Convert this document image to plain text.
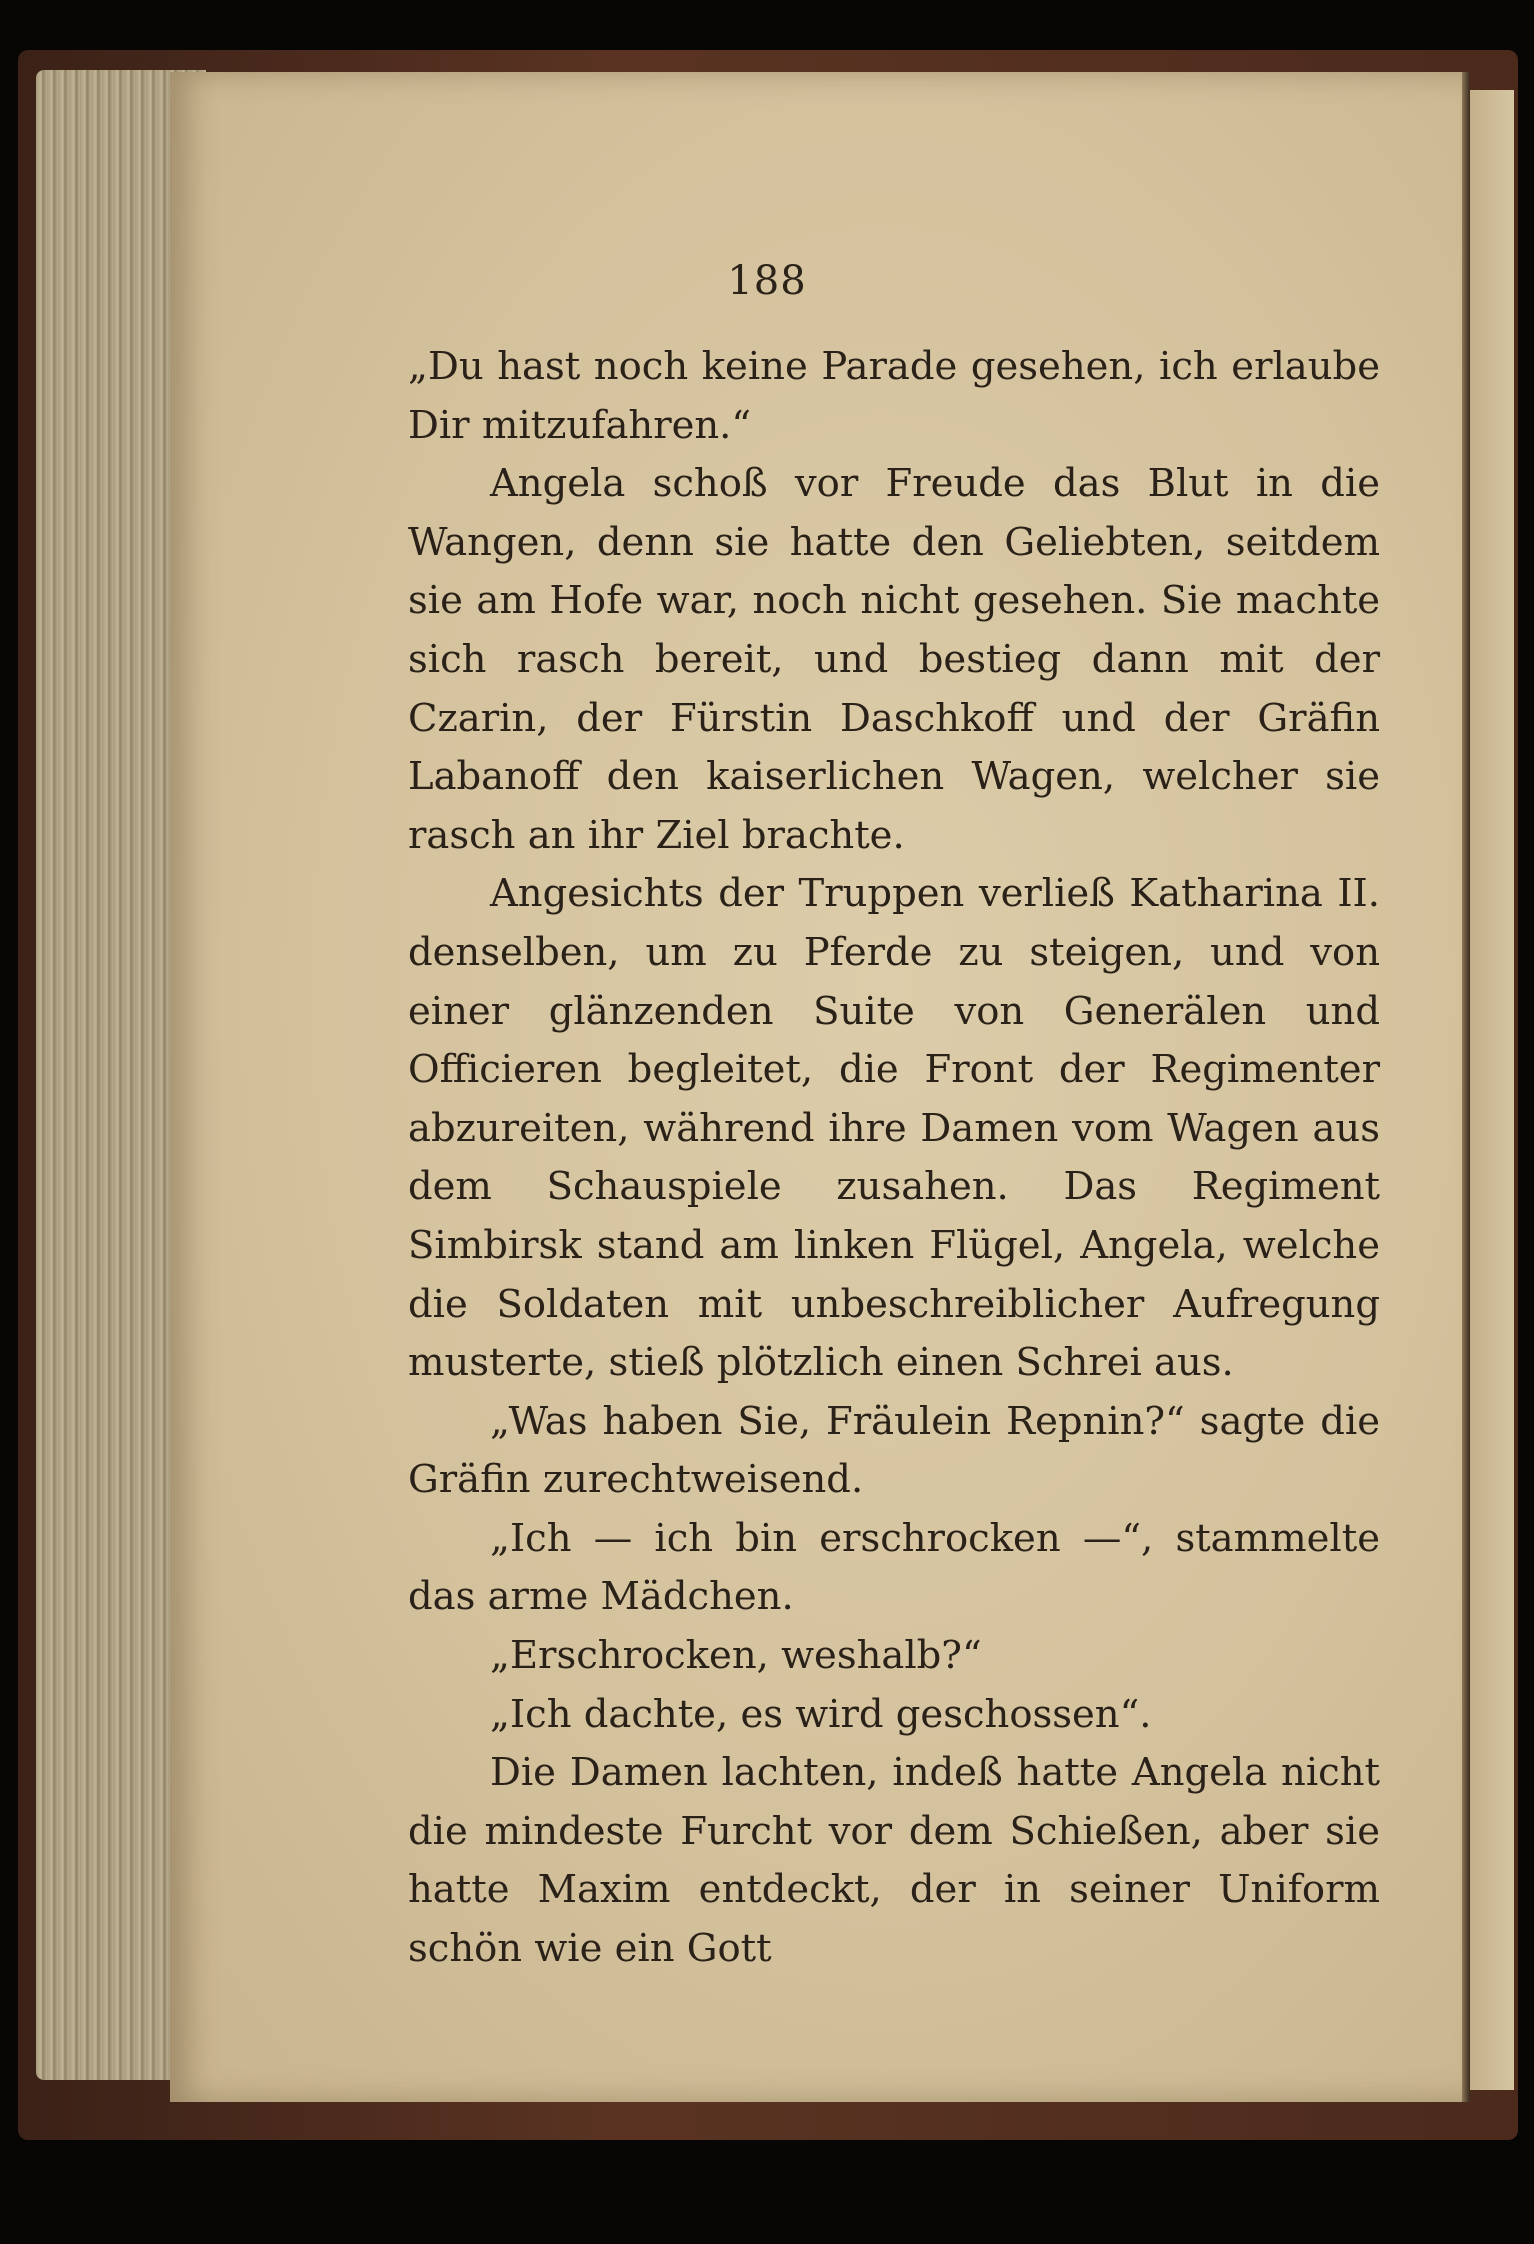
188

„Du hast noch keine Parade gesehen, ich erlaube Dir mitzufahren.“

Angela schoß vor Freude das Blut in die Wangen, denn sie hatte den Geliebten, seitdem sie am Hofe war, noch nicht gesehen. Sie machte sich rasch bereit, und bestieg dann mit der Czarin, der Fürstin Daschkoff und der Gräfin Labanoff den kaiserlichen Wagen, welcher sie rasch an ihr Ziel brachte.

Angesichts der Truppen verließ Katharina II. denselben, um zu Pferde zu steigen, und von einer glänzenden Suite von Generälen und Officieren begleitet, die Front der Regimenter abzureiten, während ihre Damen vom Wagen aus dem Schauspiele zusahen. Das Regiment Simbirsk stand am linken Flügel, Angela, welche die Soldaten mit unbeschreiblicher Aufregung musterte, stieß plötzlich einen Schrei aus.

„Was haben Sie, Fräulein Repnin?“ sagte die Gräfin zurechtweisend.

„Ich — ich bin erschrocken —“, stammelte das arme Mädchen.

„Erschrocken, weshalb?“

„Ich dachte, es wird geschossen“.

Die Damen lachten, indeß hatte Angela nicht die mindeste Furcht vor dem Schießen, aber sie hatte Maxim entdeckt, der in seiner Uniform schön wie ein Gott
